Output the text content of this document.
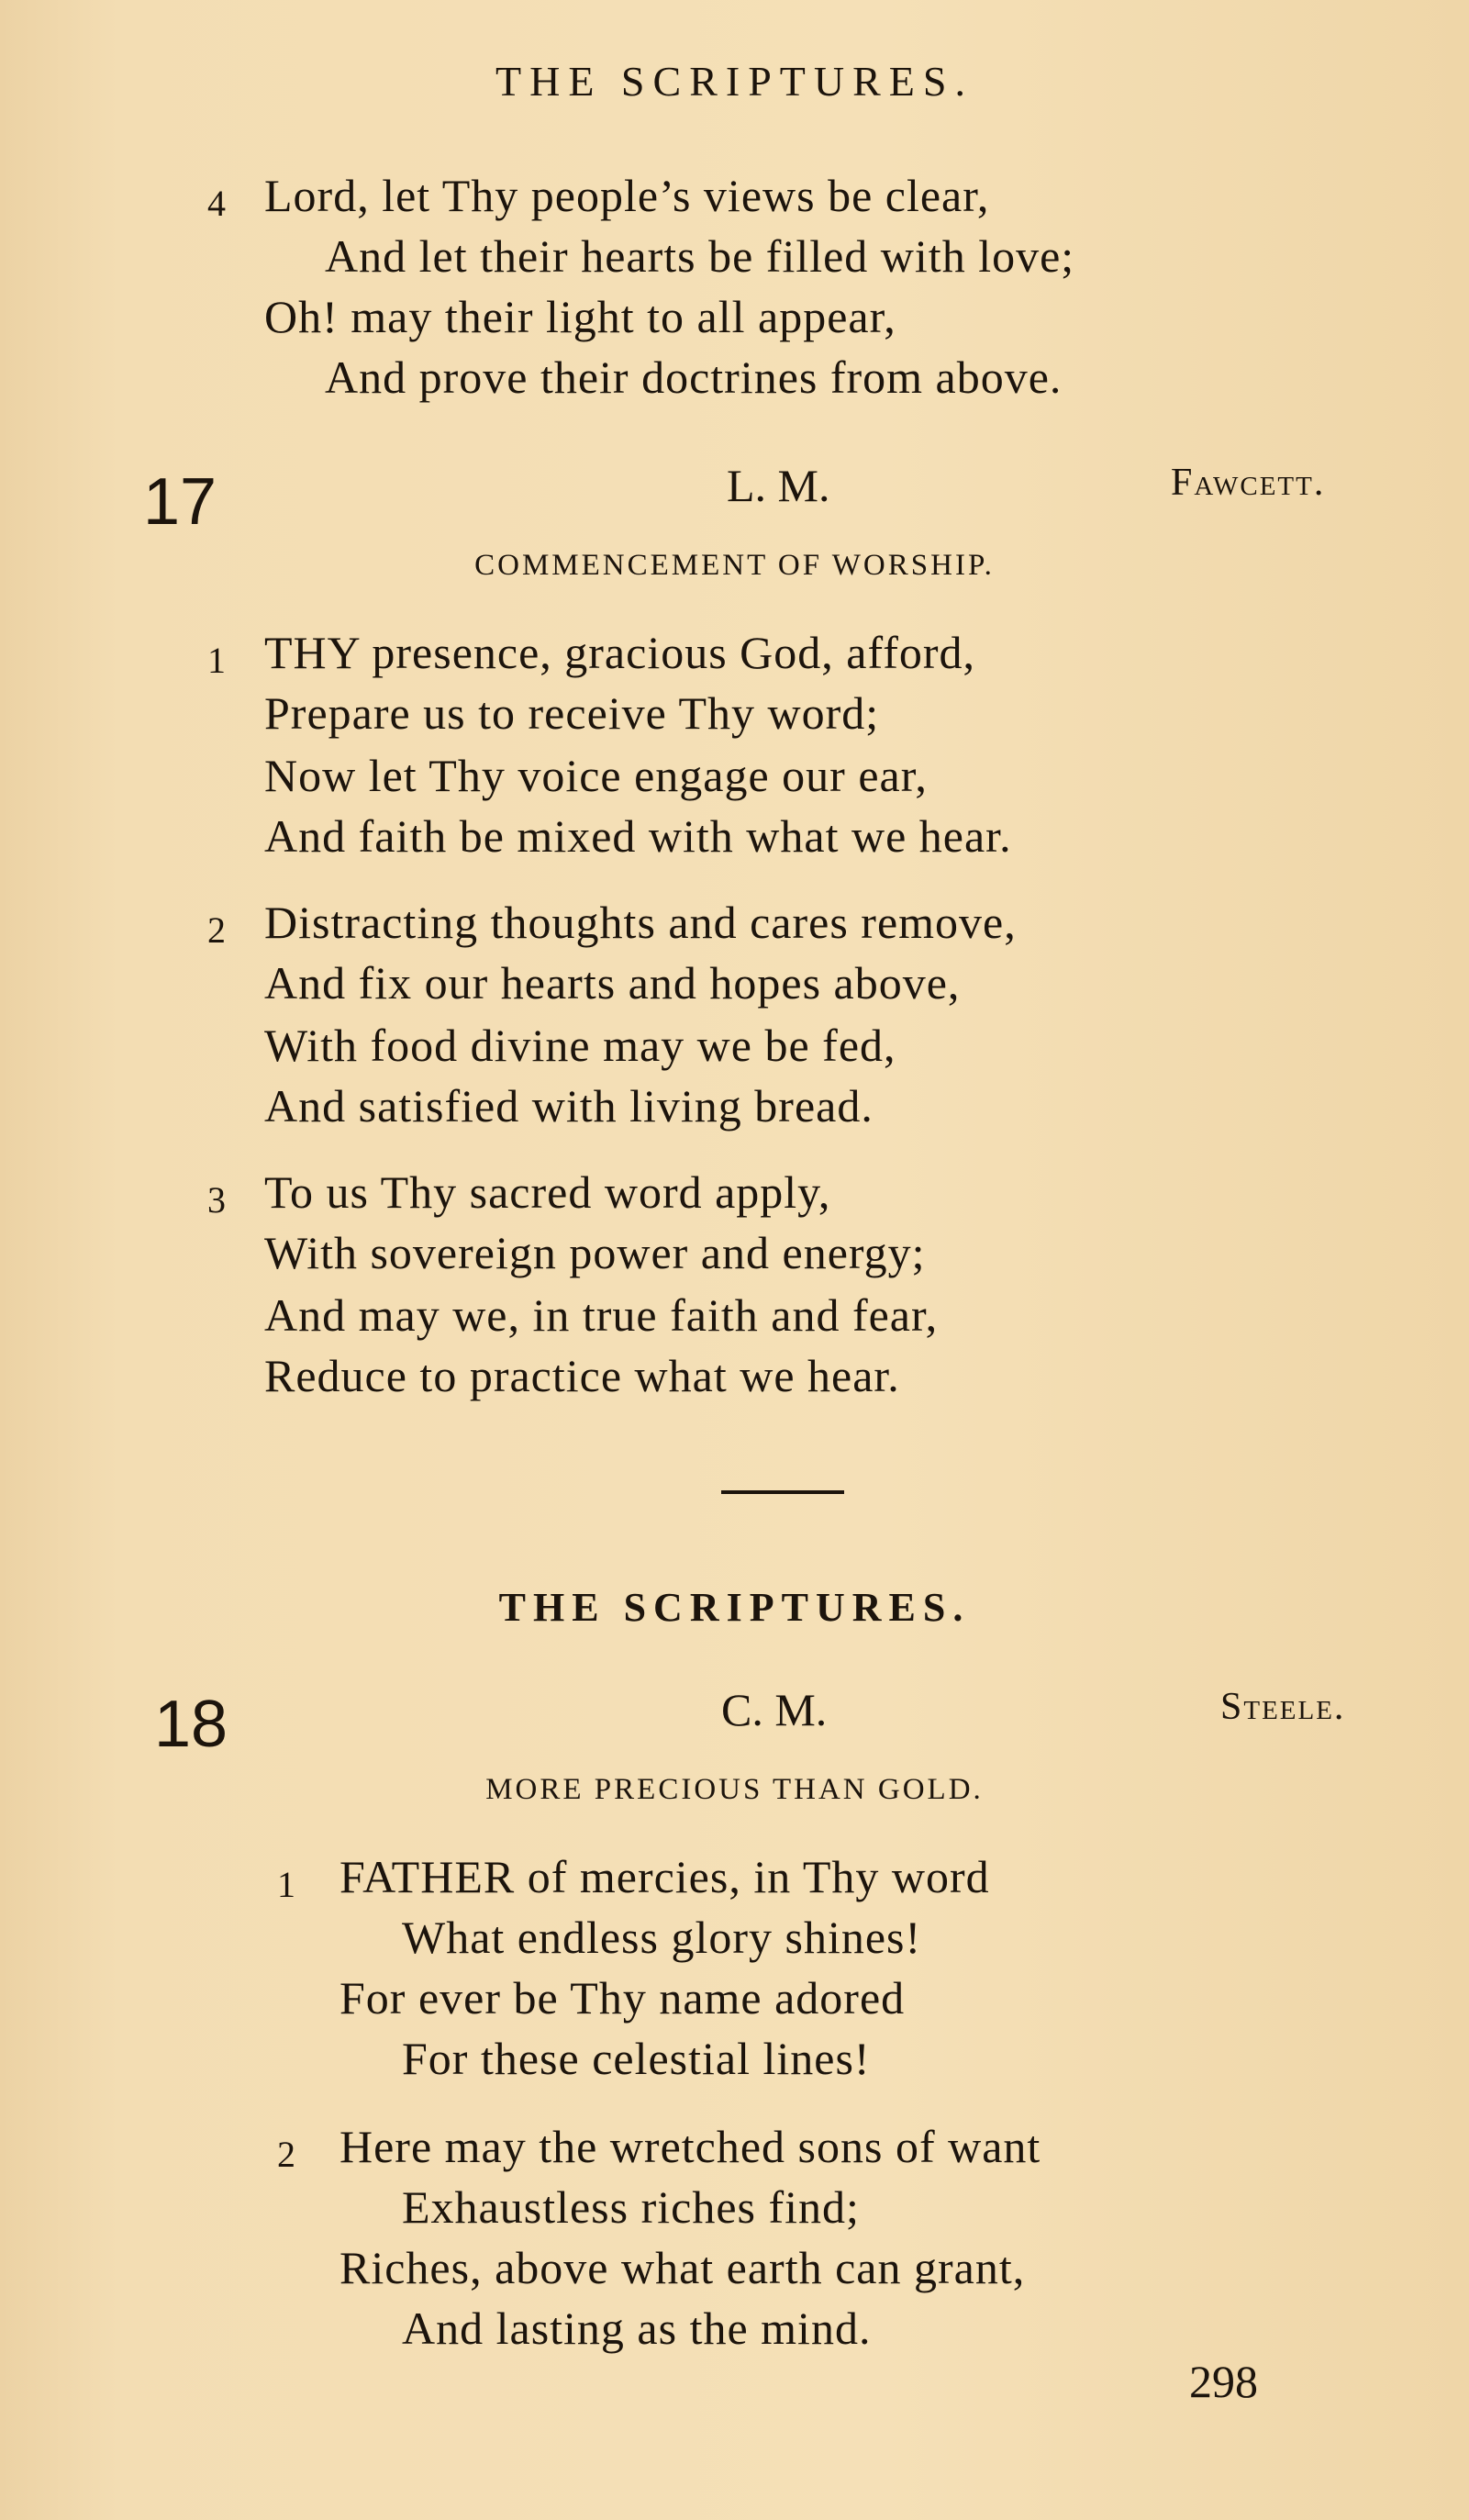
THE SCRIPTURES.
4 Lord, let Thy people’s views be clear,
And let their hearts be filled with love;
Oh! may their light to all appear,
And prove their doctrines from above.
17	L. M.	Fawcett.
COMMENCEMENT OF WORSHIP.
1 THY presence, gracious God, afford,
Prepare us to receive Thy word;
Now let Thy voice engage our ear,
And faith be mixed with what we hear.
2 Distracting thoughts and cares remove,
And fix our hearts and hopes above,
With food divine may we be fed,
And satisfied with living bread.
3 To us Thy sacred word apply,
With sovereign power and energy;
And may we, in true faith and fear,
Reduce to practice what we hear.
THE SCRIPTURES.
18	C. M.	Steele.
MORE PRECIOUS THAN GOLD.
1 FATHER of mercies, in Thy word
What endless glory shines!
For ever be Thy name adored
For these celestial lines!
2 Here may the wretched sons of want
Exhaustless riches find;
Riches, above what earth can grant,
And lasting as the mind.
298
